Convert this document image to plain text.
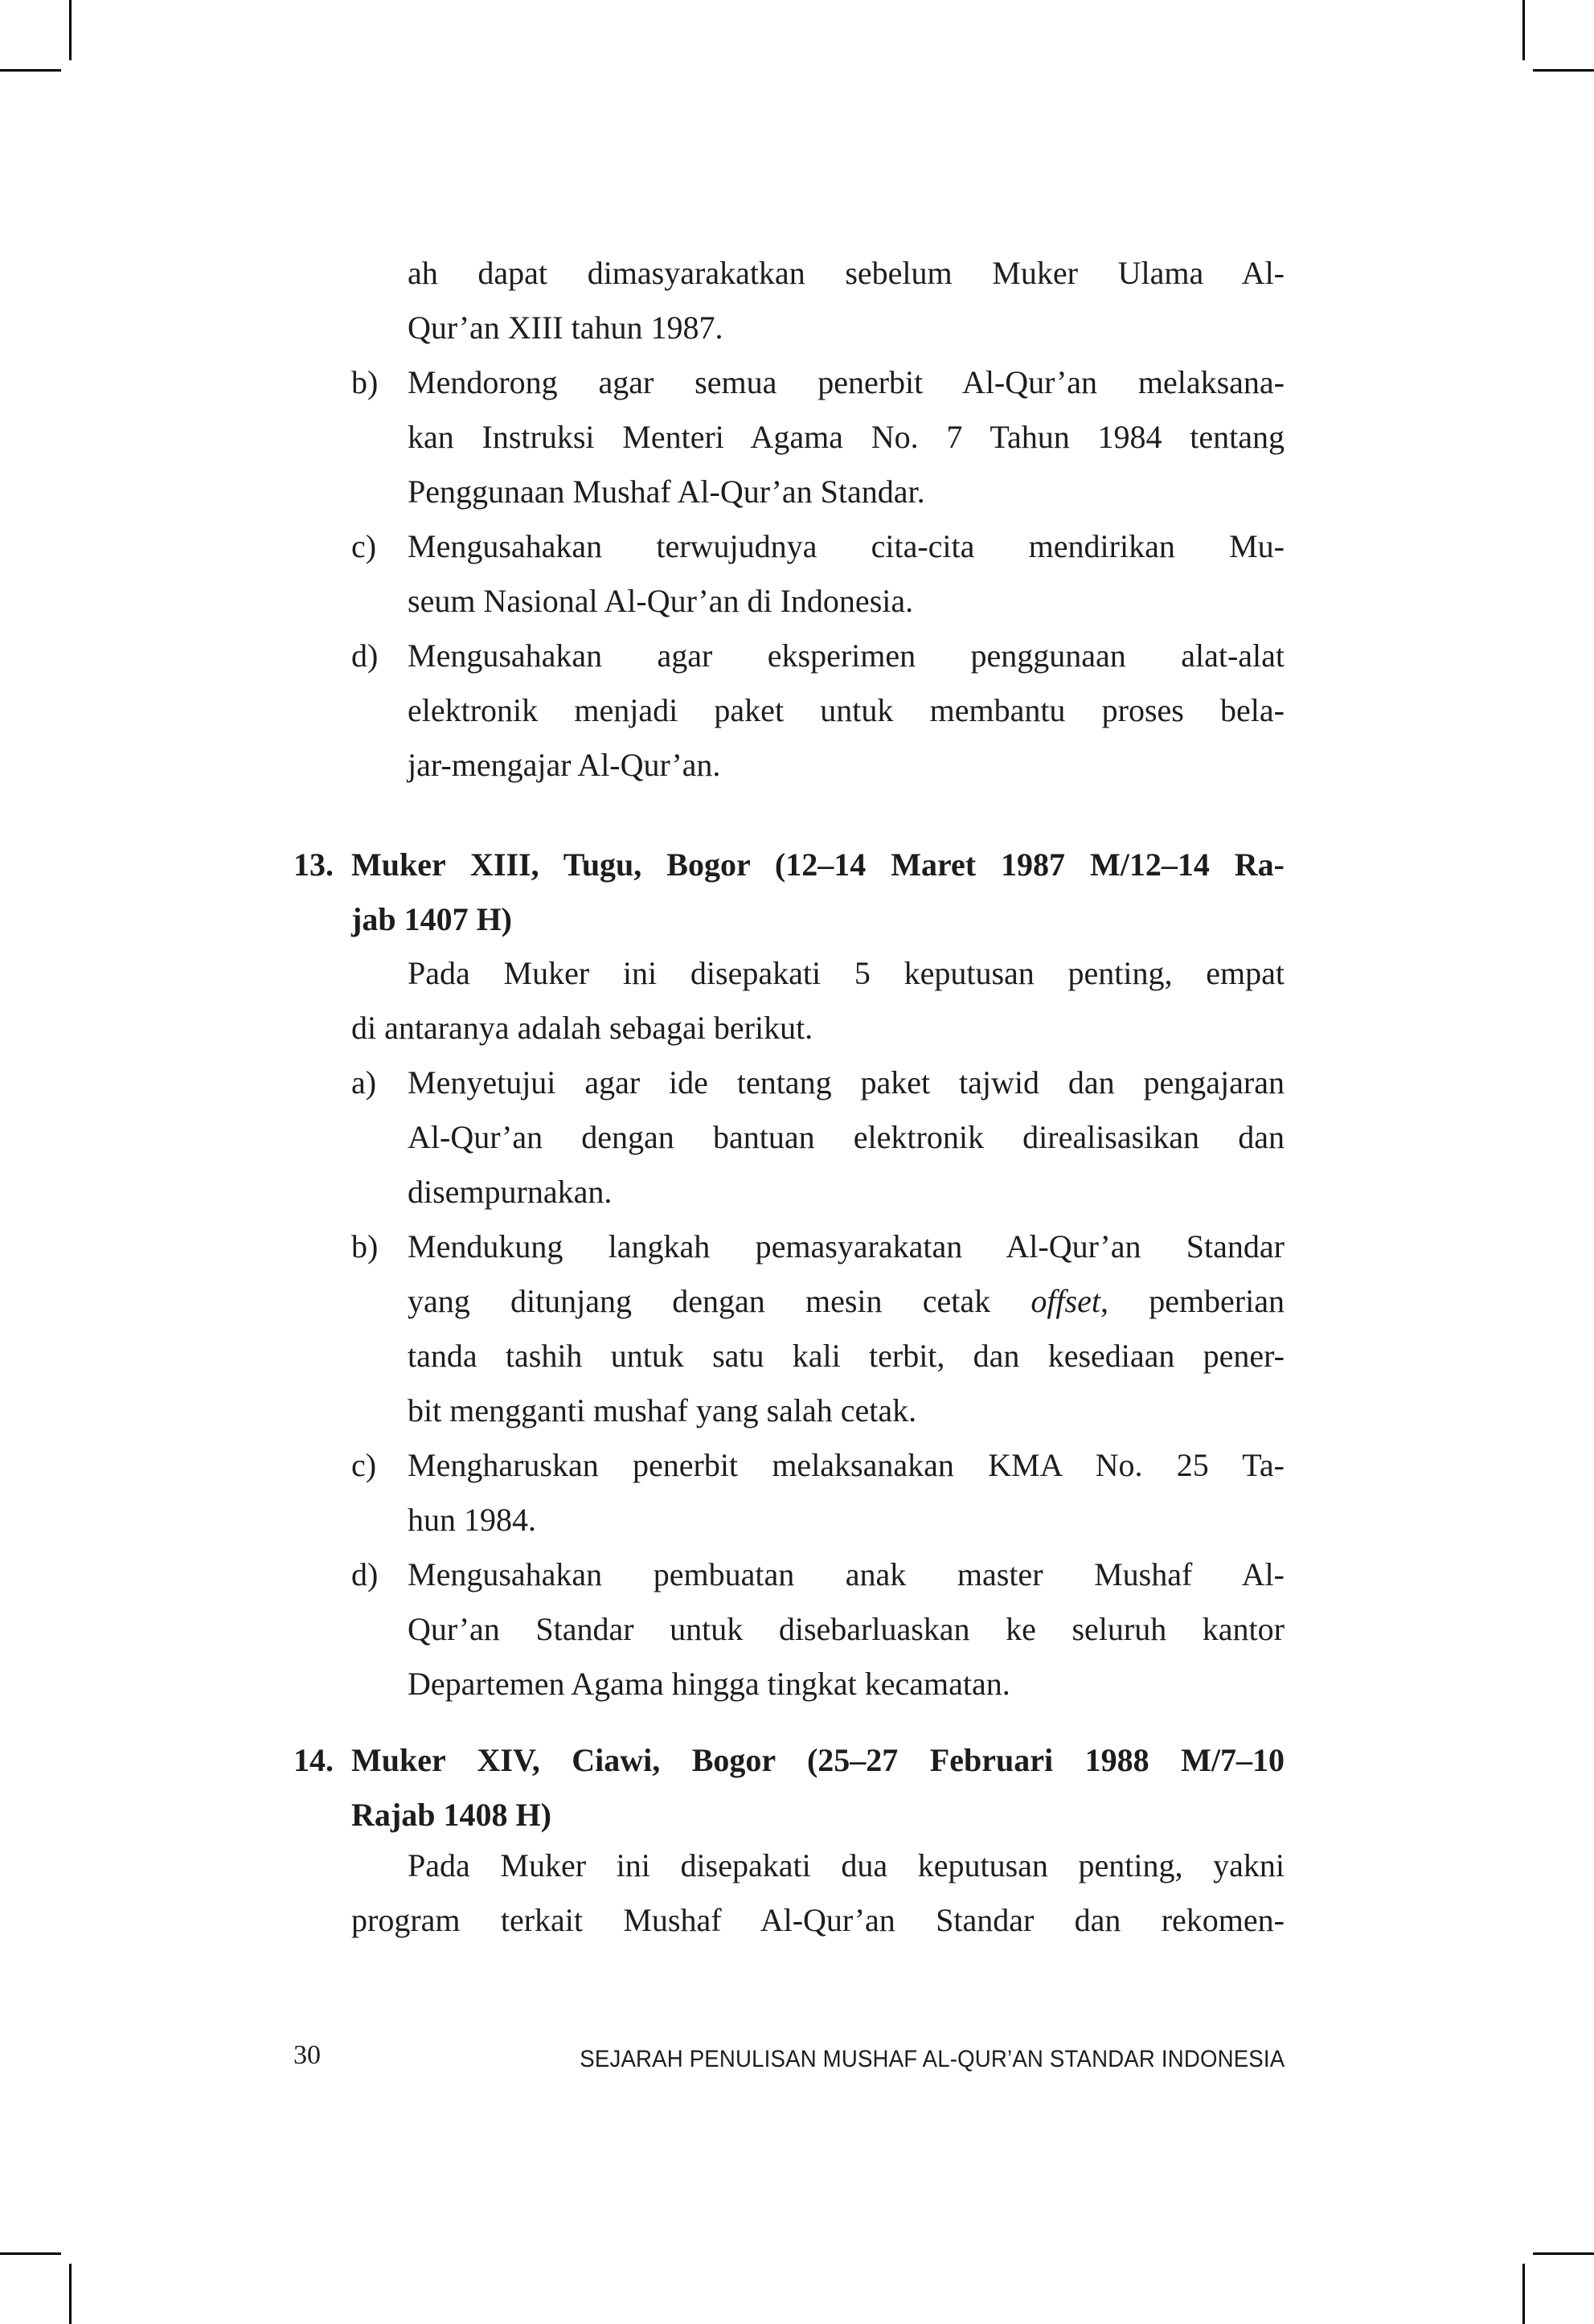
ah dapat dimasyarakatkan sebelum Muker Ulama Al-
Qur’an XIII tahun 1987.
b) Mendorong agar semua penerbit Al-Qur’an melaksana-
kan Instruksi Menteri Agama No. 7 Tahun 1984 tentang
Penggunaan Mushaf Al-Qur’an Standar.
c) Mengusahakan terwujudnya cita-cita mendirikan Mu-
seum Nasional Al-Qur’an di Indonesia.
d) Mengusahakan agar eksperimen penggunaan alat-alat
elektronik menjadi paket untuk membantu proses bela-
jar-mengajar Al-Qur’an.
13. Muker XIII, Tugu, Bogor (12–14 Maret 1987 M/12–14 Ra-
jab 1407 H)
Pada Muker ini disepakati 5 keputusan penting, empat
di antaranya adalah sebagai berikut.
a) Menyetujui agar ide tentang paket tajwid dan pengajaran
Al-Qur’an dengan bantuan elektronik direalisasikan dan
disempurnakan.
b) Mendukung langkah pemasyarakatan Al-Qur’an Standar
yang ditunjang dengan mesin cetak offset, pemberian
tanda tashih untuk satu kali terbit, dan kesediaan pener-
bit mengganti mushaf yang salah cetak.
c) Mengharuskan penerbit melaksanakan KMA No. 25 Ta-
hun 1984.
d) Mengusahakan pembuatan anak master Mushaf Al-
Qur’an Standar untuk disebarluaskan ke seluruh kantor
Departemen Agama hingga tingkat kecamatan.
14. Muker XIV, Ciawi, Bogor (25–27 Februari 1988 M/7–10
Rajab 1408 H)
Pada Muker ini disepakati dua keputusan penting, yakni
program terkait Mushaf Al-Qur’an Standar dan rekomen-
30	SEJARAH PENULISAN MUSHAF AL-QUR’AN STANDAR INDONESIA
